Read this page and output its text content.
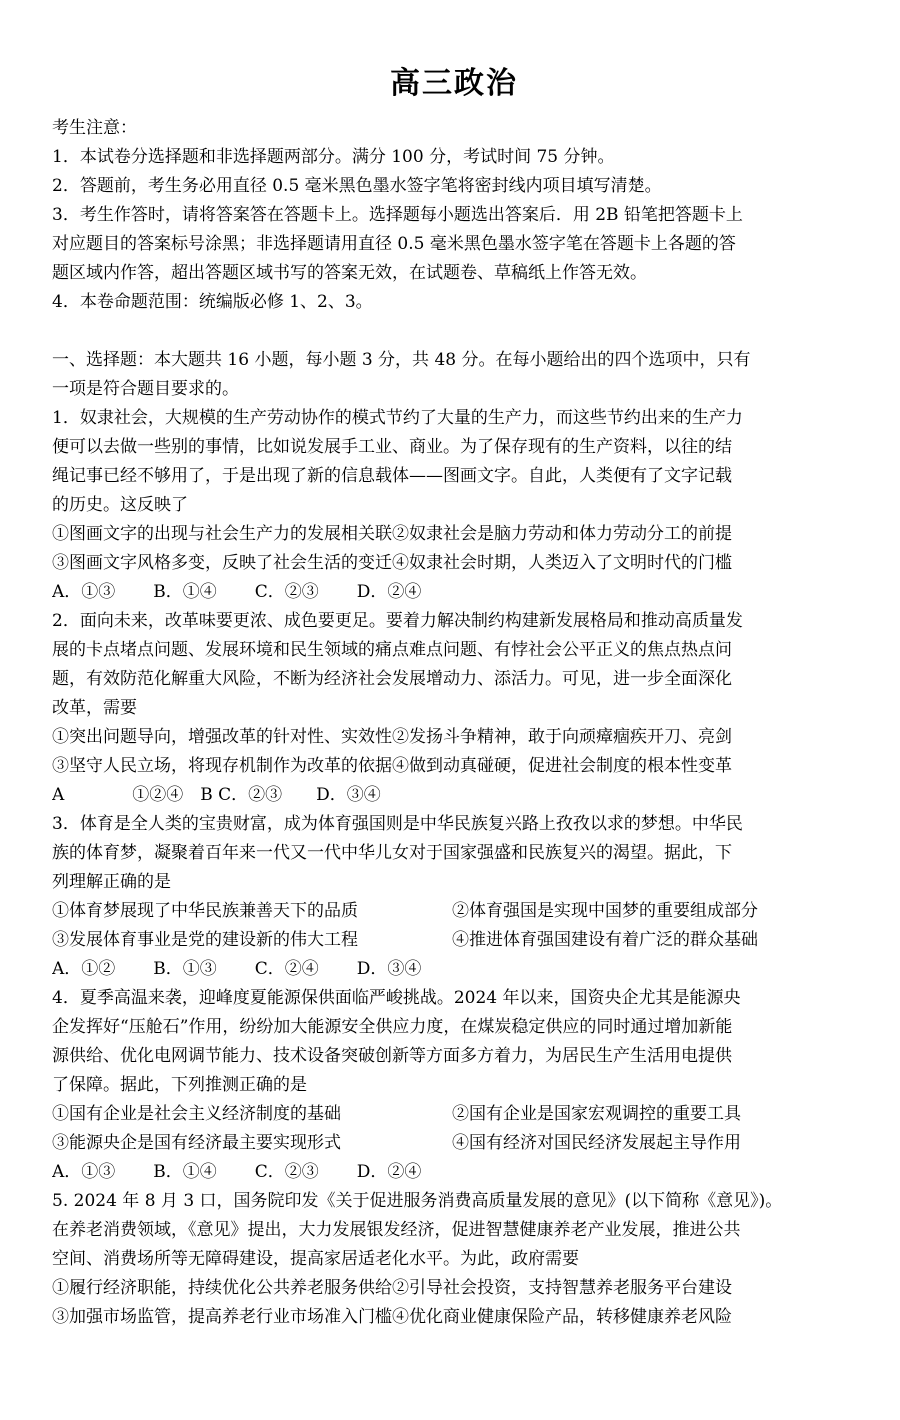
高三政治
考生注意：
1．本试卷分选择题和非选择题两部分。满分 100 分，考试时间 75 分钟。
2．答题前，考生务必用直径 0.5 毫米黑色墨水签字笔将密封线内项目填写清楚。
3．考生作答时，请将答案答在答题卡上。选择题每小题选出答案后．用 2B 铅笔把答题卡上
对应题目的答案标号涂黑；非选择题请用直径 0.5 毫米黑色墨水签字笔在答题卡上各题的答
题区域内作答，超出答题区域书写的答案无效，在试题卷、草稿纸上作答无效。
4．本卷命题范围：统编版必修 1、2、3。
一、选择题：本大题共 16 小题，每小题 3 分，共 48 分。在每小题给出的四个选项中，只有
一项是符合题目要求的。
1．奴隶社会，大规模的生产劳动协作的模式节约了大量的生产力，而这些节约出来的生产力
便可以去做一些别的事情，比如说发展手工业、商业。为了保存现有的生产资料，以往的结
绳记事已经不够用了，于是出现了新的信息载体——图画文字。自此，人类便有了文字记载
的历史。这反映了
①图画文字的出现与社会生产力的发展相关联②奴隶社会是脑力劳动和体力劳动分工的前提
③图画文字风格多变，反映了社会生活的变迁④奴隶社会时期，人类迈入了文明时代的门槛
A．①③ B．①④ C．②③ D．②④
2．面向未来，改革味要更浓、成色要更足。要着力解决制约构建新发展格局和推动高质量发
展的卡点堵点问题、发展环境和民生领域的痛点难点问题、有悖社会公平正义的焦点热点问
题，有效防范化解重大风险，不断为经济社会发展增动力、添活力。可见，进一步全面深化
改革，需要
①突出问题导向，增强改革的针对性、实效性②发扬斗争精神，敢于向顽瘴痼疾开刀、亮剑
③坚守人民立场，将现存机制作为改革的依据④做到动真碰硬，促进社会制度的根本性变革
A　　　　①②④　B C．②③　　D．③④
3．体育是全人类的宝贵财富，成为体育强国则是中华民族复兴路上孜孜以求的梦想。中华民
族的体育梦，凝聚着百年来一代又一代中华儿女对于国家强盛和民族复兴的渴望。据此，下
列理解正确的是
①体育梦展现了中华民族兼善天下的品质	②体育强国是实现中国梦的重要组成部分
③发展体育事业是党的建设新的伟大工程	④推进体育强国建设有着广泛的群众基础
A．①② B．①③ C．②④ D．③④
4．夏季高温来袭，迎峰度夏能源保供面临严峻挑战。2024 年以来，国资央企尤其是能源央
企发挥好“压舱石”作用，纷纷加大能源安全供应力度，在煤炭稳定供应的同时通过增加新能
源供给、优化电网调节能力、技术设备突破创新等方面多方着力，为居民生产生活用电提供
了保障。据此，下列推测正确的是
①国有企业是社会主义经济制度的基础	②国有企业是国家宏观调控的重要工具
③能源央企是国有经济最主要实现形式	④国有经济对国民经济发展起主导作用
A．①③ B．①④ C．②③ D．②④
5. 2024 年 8 月 3 口，国务院印发《关于促进服务消费高质量发展的意见》(以下简称《意见》)。
在养老消费领域，《意见》提出，大力发展银发经济，促进智慧健康养老产业发展，推进公共
空间、消费场所等无障碍建设，提高家居适老化水平。为此，政府需要
①履行经济职能，持续优化公共养老服务供给②引导社会投资，支持智慧养老服务平台建设
③加强市场监管，提高养老行业市场准入门槛④优化商业健康保险产品，转移健康养老风险
